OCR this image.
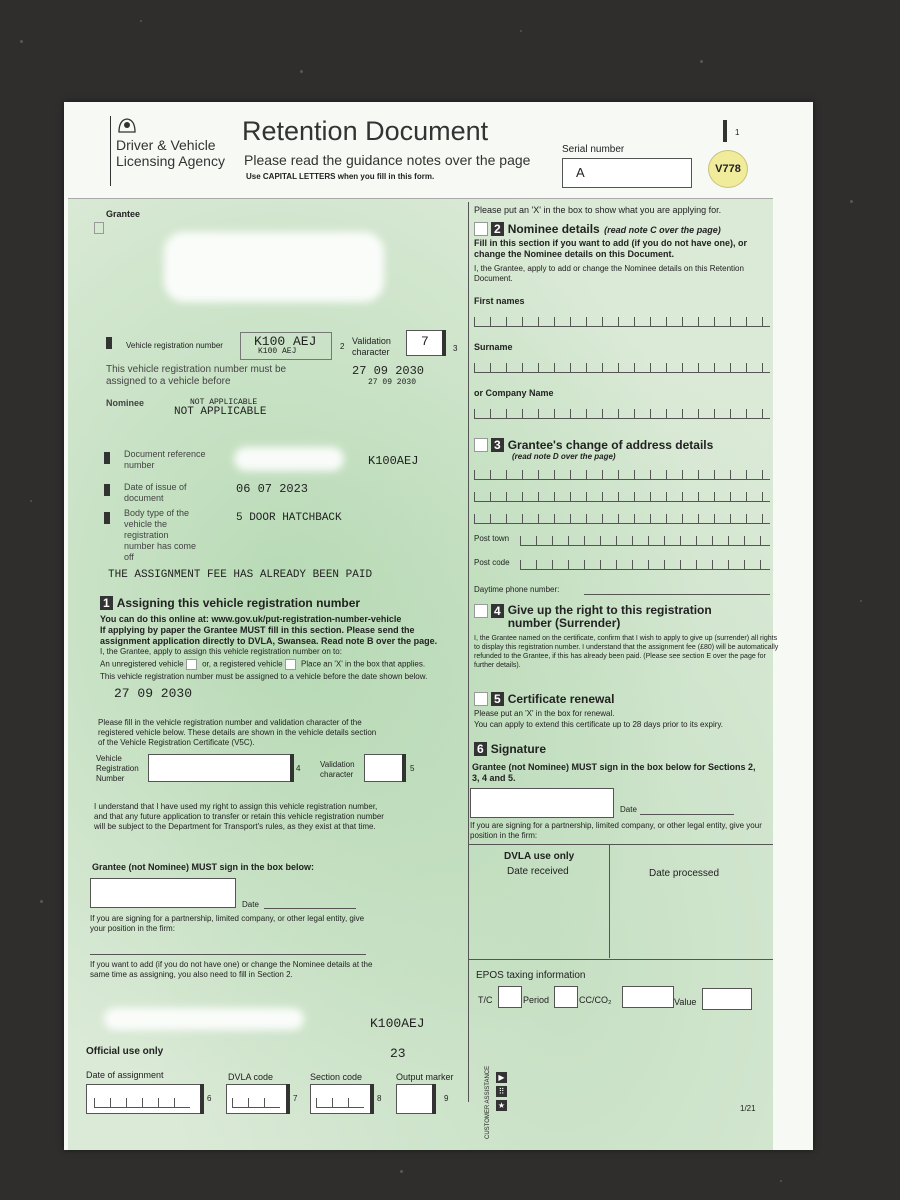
Driver & Vehicle Licensing Agency
Retention Document
Please read the guidance notes over the page
Use CAPITAL LETTERS when you fill in this form.
Serial number
A
1
V778
Grantee
Vehicle registration number K100 AEJ
K100 AEJ
2
Validation character
7	3
This vehicle registration number must be assigned to a vehicle before
27 09 2030
27 09 2030
Nominee	NOT APPLICABLE
NOT APPLICABLE
Document reference number	K100AEJ
Date of issue of document
06 07 2023
Body type of the vehicle the registration number has come off
5 DOOR HATCHBACK
THE ASSIGNMENT FEE HAS ALREADY BEEN PAID
1 Assigning this vehicle registration number
You can do this online at: www.gov.uk/put-registration-number-vehicle
If applying by paper the Grantee MUST fill in this section. Please send the assignment application directly to DVLA, Swansea. Read note B over the page.
I, the Grantee, apply to assign this vehicle registration number on to:
An unregistered vehicle or, a registered vehicle Place an 'X' in the box that applies.
This vehicle registration number must be assigned to a vehicle before the date shown below.
27 09 2030
Please fill in the vehicle registration number and validation character of the registered vehicle below. These details are shown in the vehicle details section of the Vehicle Registration Certificate (V5C).
Vehicle Registration Number
4 Validation character
5
I understand that I have used my right to assign this vehicle registration number, and that any future application to transfer or retain this vehicle registration number will be subject to the Department for Transport's rules, as they exist at that time.
Grantee (not Nominee) MUST sign in the box below:
Date
If you are signing for a partnership, limited company, or other legal entity, give your position in the firm:
If you want to add (if you do not have one) or change the Nominee details at the same time as assigning, you also need to fill in Section 2.
K100AEJ
Official use only	23
Date of assignment
6
DVLA code
7
Section code
8
Output marker
9
▶
⠿
★
CUSTOMER ASSISTANCE	1/21
Please put an 'X' in the box to show what you are applying for.
2 Nominee details (read note C over the page)
Fill in this section if you want to add (if you do not have one), or change the Nominee details on this Document.
I, the Grantee, apply to add or change the Nominee details on this Retention Document.
First names
Surname
or Company Name
3 Grantee's change of address details
(read note D over the page)
Post town
Post code
Daytime phone number:
4 Give up the right to this registration number (Surrender)
I, the Grantee named on the certificate, confirm that I wish to apply to give up (surrender) all rights to display this registration number. I understand that the assignment fee (£80) will be automatically refunded to the Grantee, if this has already been paid. (Please see section E over the page for further details).
5 Certificate renewal
Please put an 'X' in the box for renewal.
You can apply to extend this certificate up to 28 days prior to its expiry.
6 Signature
Grantee (not Nominee) MUST sign in the box below for Sections 2, 3, 4 and 5.
Date
If you are signing for a partnership, limited company, or other legal entity, give your position in the firm:
DVLA use only
Date received	Date processed
EPOS taxing information
T/C	Period	CC/CO₂	Value
